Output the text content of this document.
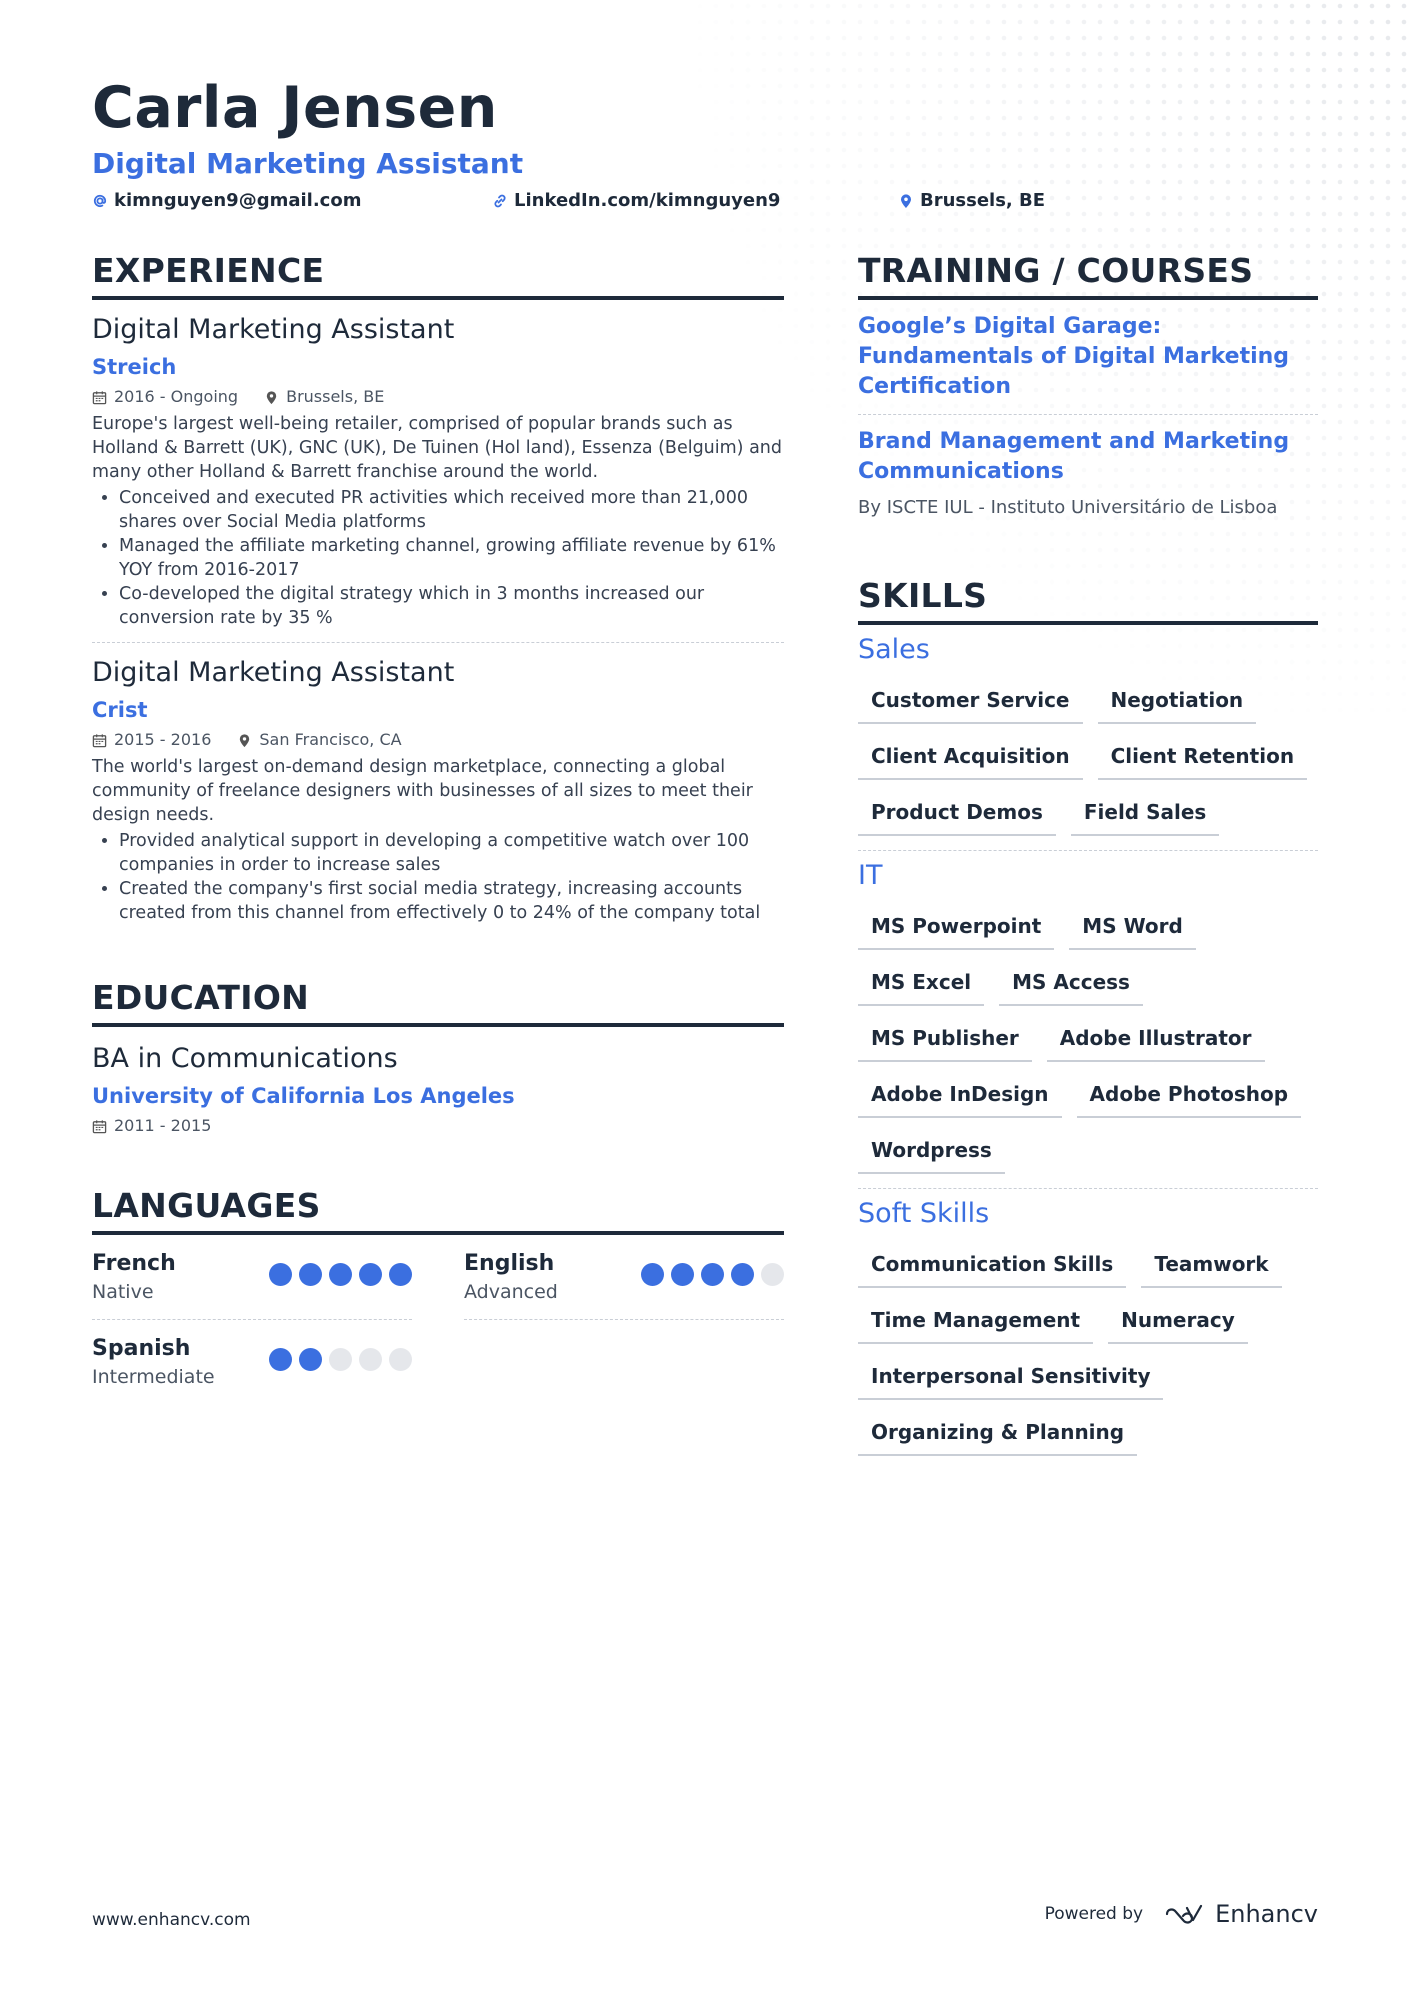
Carla Jensen
Digital Marketing Assistant
kimnguyen9@gmail.com	LinkedIn.com/kimnguyen9	Brussels, BE
EXPERIENCE
Digital Marketing Assistant
Streich
2016 - Ongoing	Brussels, BE
Europe's largest well-being retailer, comprised of popular brands such as Holland & Barrett (UK), GNC (UK), De Tuinen (Hol land), Essenza (Belguim) and many other Holland & Barrett franchise around the world.
• Conceived and executed PR activities which received more than 21,000 shares over Social Media platforms
• Managed the affiliate marketing channel, growing affiliate revenue by 61% YOY from 2016-2017
• Co-developed the digital strategy which in 3 months increased our conversion rate by 35 %
Digital Marketing Assistant
Crist
2015 - 2016	San Francisco, CA
The world's largest on-demand design marketplace, connecting a global community of freelance designers with businesses of all sizes to meet their design needs.
• Provided analytical support in developing a competitive watch over 100 companies in order to increase sales
• Created the company's first social media strategy, increasing accounts created from this channel from effectively 0 to 24% of the company total
EDUCATION
BA in Communications
University of California Los Angeles
2011 - 2015
LANGUAGES
French
Native
English
Advanced
Spanish
Intermediate
TRAINING / COURSES
Google’s Digital Garage: Fundamentals of Digital Marketing Certification
Brand Management and Marketing Communications
By ISCTE IUL - Instituto Universitário de Lisboa
SKILLS
Sales
Customer Service	Negotiation
Client Acquisition	Client Retention
Product Demos	Field Sales
IT
MS Powerpoint	MS Word
MS Excel	MS Access
MS Publisher	Adobe Illustrator
Adobe InDesign	Adobe Photoshop
Wordpress
Soft Skills
Communication Skills	Teamwork
Time Management	Numeracy
Interpersonal Sensitivity
Organizing & Planning
www.enhancv.com	Powered by	Enhancv
